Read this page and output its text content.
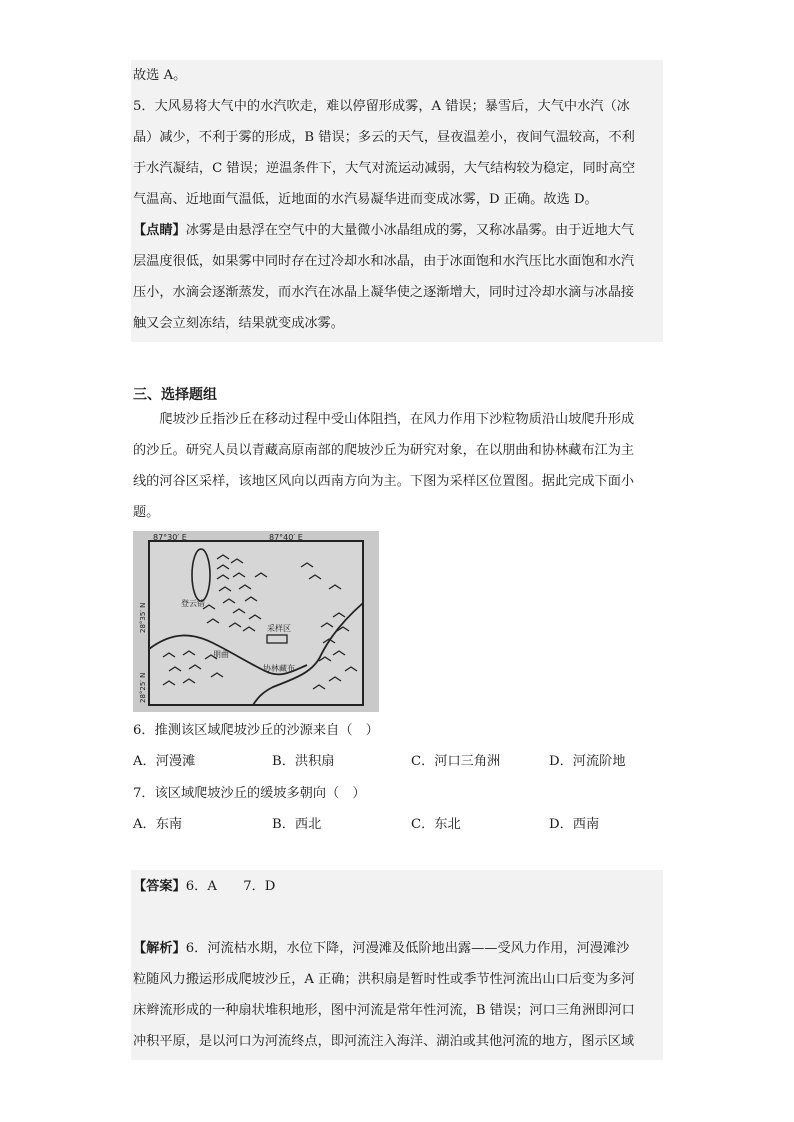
故选 A。

5．大风易将大气中的水汽吹走，难以停留形成雾，A 错误；暴雪后，大气中水汽（冰

晶）减少，不利于雾的形成，B 错误；多云的天气，昼夜温差小，夜间气温较高，不利

于水汽凝结，C 错误；逆温条件下，大气对流运动减弱，大气结构较为稳定，同时高空

气温高、近地面气温低，近地面的水汽易凝华进而变成冰雾，D 正确。故选 D。

【点睛】冰雾是由悬浮在空气中的大量微小冰晶组成的雾，又称冰晶雾。由于近地大气

层温度很低，如果雾中同时存在过冷却水和冰晶，由于冰面饱和水汽压比水面饱和水汽

压小，水滴会逐渐蒸发，而水汽在冰晶上凝华使之逐渐增大，同时过冷却水滴与冰晶接

触又会立刻冻结，结果就变成冰雾。

三、选择题组

爬坡沙丘指沙丘在移动过程中受山体阻挡，在风力作用下沙粒物质沿山坡爬升形成

的沙丘。研究人员以青藏高原南部的爬坡沙丘为研究对象，在以朋曲和协林藏布江为主

线的河谷区采样，该地区风向以西南方向为主。下图为采样区位置图。据此完成下面小

题。

87°30′ E	87°40′ E
28°35′ N
28°25′ N
登云错
采样区
朋曲
协林藏布
6．推测该区域爬坡沙丘的沙源来自（　）
A．河漫滩	B．洪积扇	C．河口三角洲	D．河流阶地
7．该区域爬坡沙丘的缓坡多朝向（　）
A．东南	B．西北	C．东北	D．西南
【答案】6．A　　7．D

【解析】6．河流枯水期，水位下降，河漫滩及低阶地出露——受风力作用，河漫滩沙

粒随风力搬运形成爬坡沙丘，A 正确；洪积扇是暂时性或季节性河流出山口后变为多河

床辫流形成的一种扇状堆积地形，图中河流是常年性河流，B 错误；河口三角洲即河口

冲积平原，是以河口为河流终点，即河流注入海洋、湖泊或其他河流的地方，图示区域
